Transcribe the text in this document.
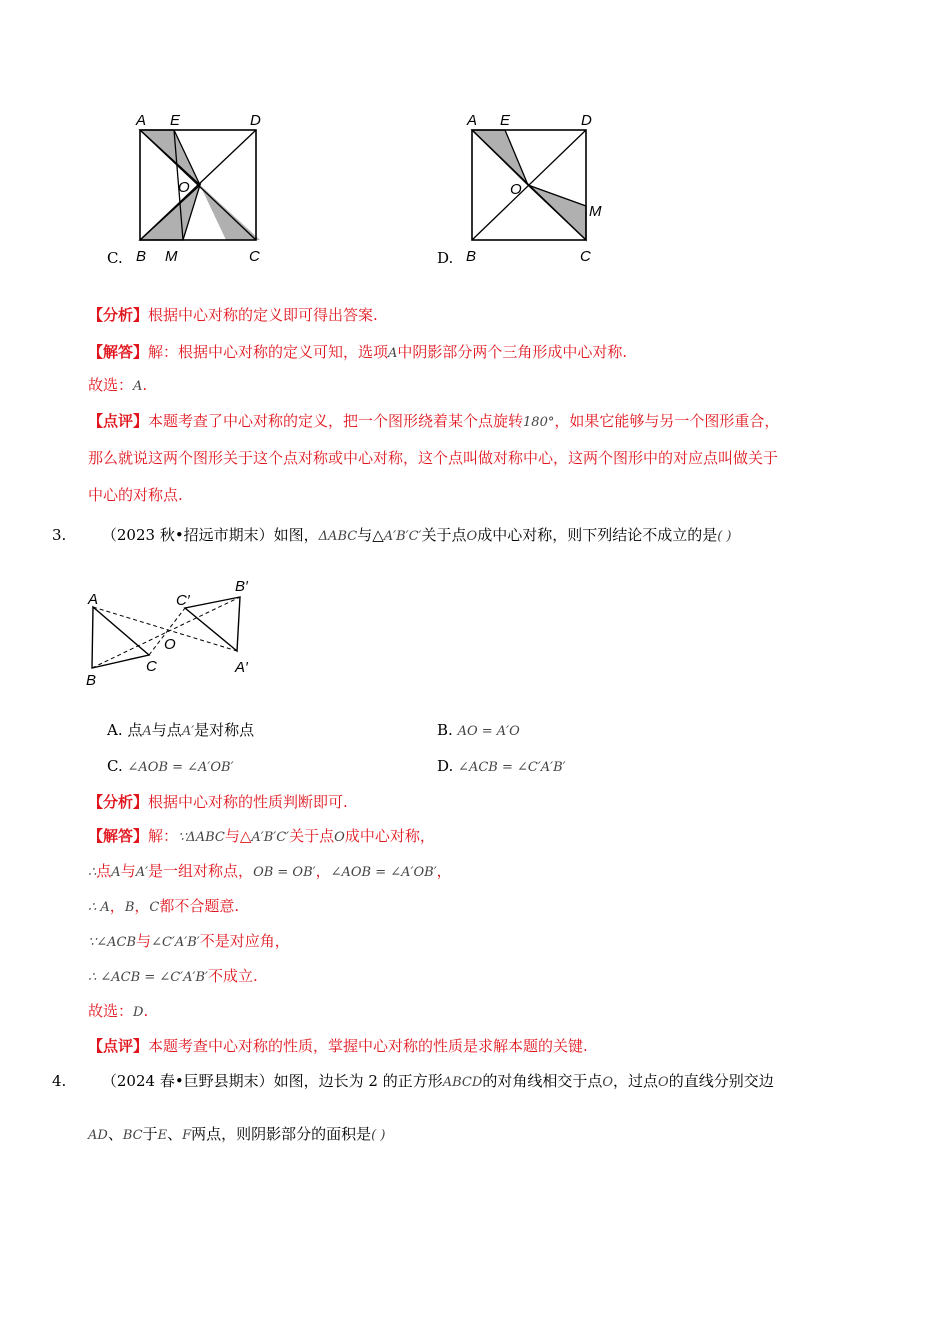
A E	D
O
B M	C
C.
A E	D
O
M
B	C
D.
【分析】根据中心对称的定义即可得出答案.
【解答】解：根据中心对称的定义可知，选项A中阴影部分两个三角形成中心对称.
故选：A.
【点评】本题考查了中心对称的定义，把一个图形绕着某个点旋转180°，如果它能够与另一个图形重合，
那么就说这两个图形关于这个点对称或中心对称，这个点叫做对称中心，这两个图形中的对应点叫做关于
中心的对称点.
3. （2023 秋•招远市期末）如图，ΔABC与△A′B′C′关于点O成中心对称，则下列结论不成立的是( )
A
B
C
O
C′
B′
A′
A. 点A与点A′是对称点	B. AO = A′O
C. ∠AOB = ∠A′OB′	D. ∠ACB = ∠C′A′B′
【分析】根据中心对称的性质判断即可.
【解答】解：∵ΔABC与△A′B′C′关于点O成中心对称，
∴点A与A′是一组对称点，OB = OB′，∠AOB = ∠A′OB′，
∴ A，B，C都不合题意.
∵∠ACB与∠C′A′B′不是对应角，
∴ ∠ACB = ∠C′A′B′不成立.
故选：D.
【点评】本题考查中心对称的性质，掌握中心对称的性质是求解本题的关键.
4. （2024 春•巨野县期末）如图，边长为 2 的正方形ABCD的对角线相交于点O，过点O的直线分别交边
AD、BC于E、F两点，则阴影部分的面积是( )
